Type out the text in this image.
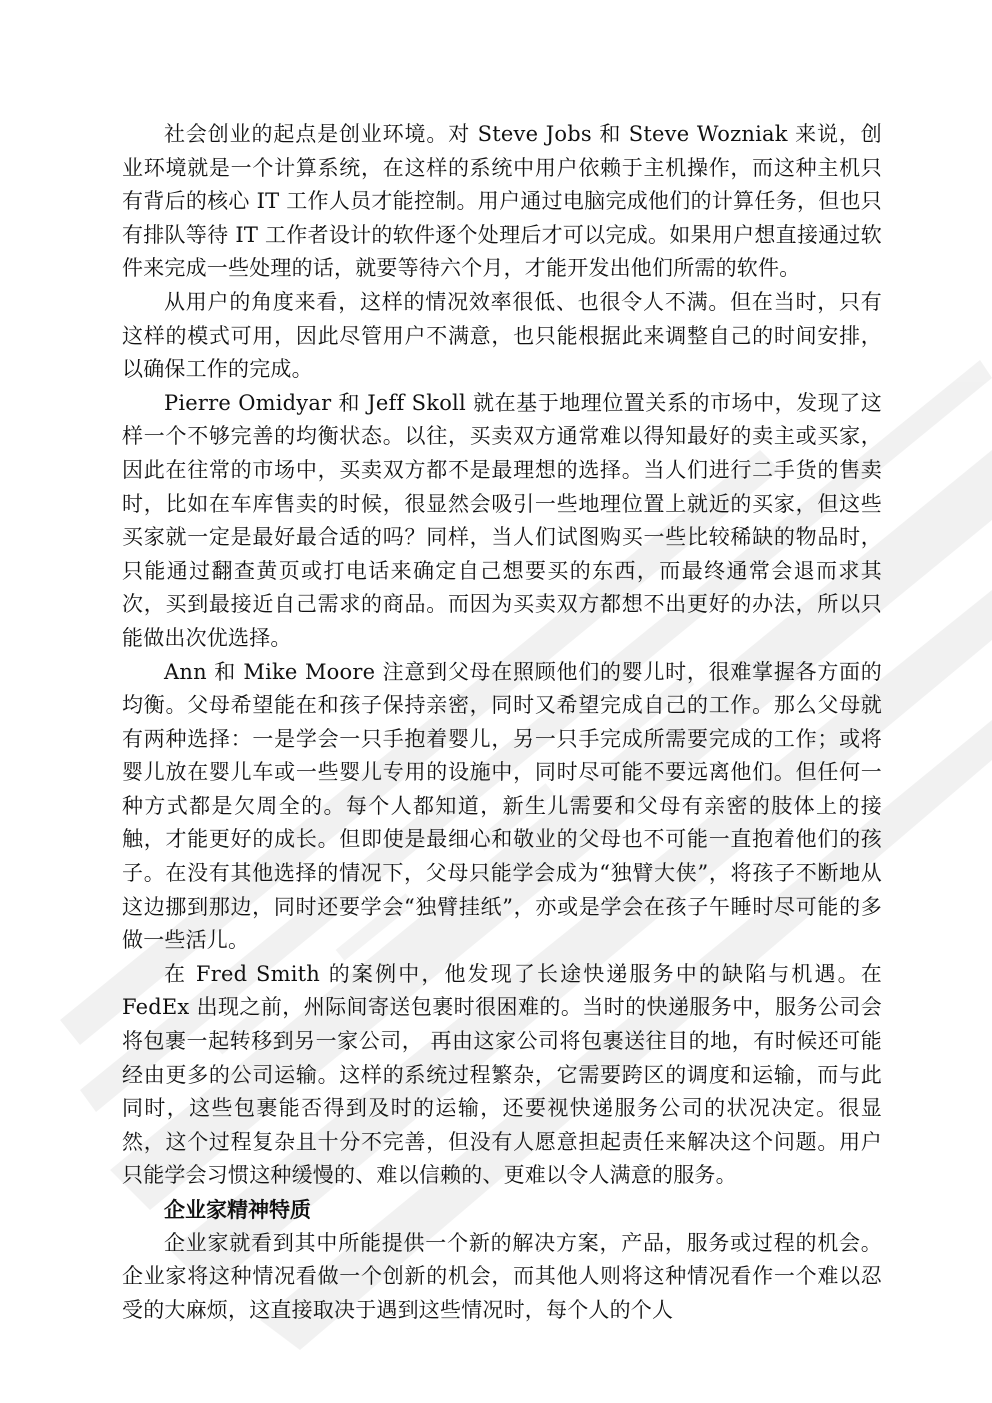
社会创业的起点是创业环境。对 Steve Jobs 和 Steve Wozniak 来说，创业环境就是一个计算系统，在这样的系统中用户依赖于主机操作，而这种主机只有背后的核心 IT 工作人员才能控制。用户通过电脑完成他们的计算任务，但也只有排队等待 IT 工作者设计的软件逐个处理后才可以完成。如果用户想直接通过软件来完成一些处理的话，就要等待六个月，才能开发出他们所需的软件。

从用户的角度来看，这样的情况效率很低、也很令人不满。但在当时，只有这样的模式可用，因此尽管用户不满意，也只能根据此来调整自己的时间安排，以确保工作的完成。

Pierre Omidyar 和 Jeff Skoll 就在基于地理位置关系的市场中，发现了这样一个不够完善的均衡状态。以往，买卖双方通常难以得知最好的卖主或买家，因此在往常的市场中，买卖双方都不是最理想的选择。当人们进行二手货的售卖时，比如在车库售卖的时候，很显然会吸引一些地理位置上就近的买家，但这些买家就一定是最好最合适的吗？同样，当人们试图购买一些比较稀缺的物品时，只能通过翻查黄页或打电话来确定自己想要买的东西，而最终通常会退而求其次，买到最接近自己需求的商品。而因为买卖双方都想不出更好的办法，所以只能做出次优选择。

Ann 和 Mike Moore 注意到父母在照顾他们的婴儿时，很难掌握各方面的均衡。父母希望能在和孩子保持亲密，同时又希望完成自己的工作。那么父母就有两种选择：一是学会一只手抱着婴儿，另一只手完成所需要完成的工作；或将婴儿放在婴儿车或一些婴儿专用的设施中，同时尽可能不要远离他们。但任何一种方式都是欠周全的。每个人都知道，新生儿需要和父母有亲密的肢体上的接触，才能更好的成长。但即使是最细心和敬业的父母也不可能一直抱着他们的孩子。在没有其他选择的情况下，父母只能学会成为“独臂大侠”，将孩子不断地从这边挪到那边，同时还要学会“独臂挂纸”，亦或是学会在孩子午睡时尽可能的多做一些活儿。

在 Fred Smith 的案例中，他发现了长途快递服务中的缺陷与机遇。在 FedEx 出现之前，州际间寄送包裹时很困难的。当时的快递服务中，服务公司会将包裹一起转移到另一家公司， 再由这家公司将包裹送往目的地，有时候还可能经由更多的公司运输。这样的系统过程繁杂，它需要跨区的调度和运输，而与此同时，这些包裹能否得到及时的运输，还要视快递服务公司的状况决定。很显然，这个过程复杂且十分不完善，但没有人愿意担起责任来解决这个问题。用户只能学会习惯这种缓慢的、难以信赖的、更难以令人满意的服务。

企业家精神特质

企业家就看到其中所能提供一个新的解决方案，产品，服务或过程的机会。企业家将这种情况看做一个创新的机会，而其他人则将这种情况看作一个难以忍受的大麻烦，这直接取决于遇到这些情况时，每个人的个人
